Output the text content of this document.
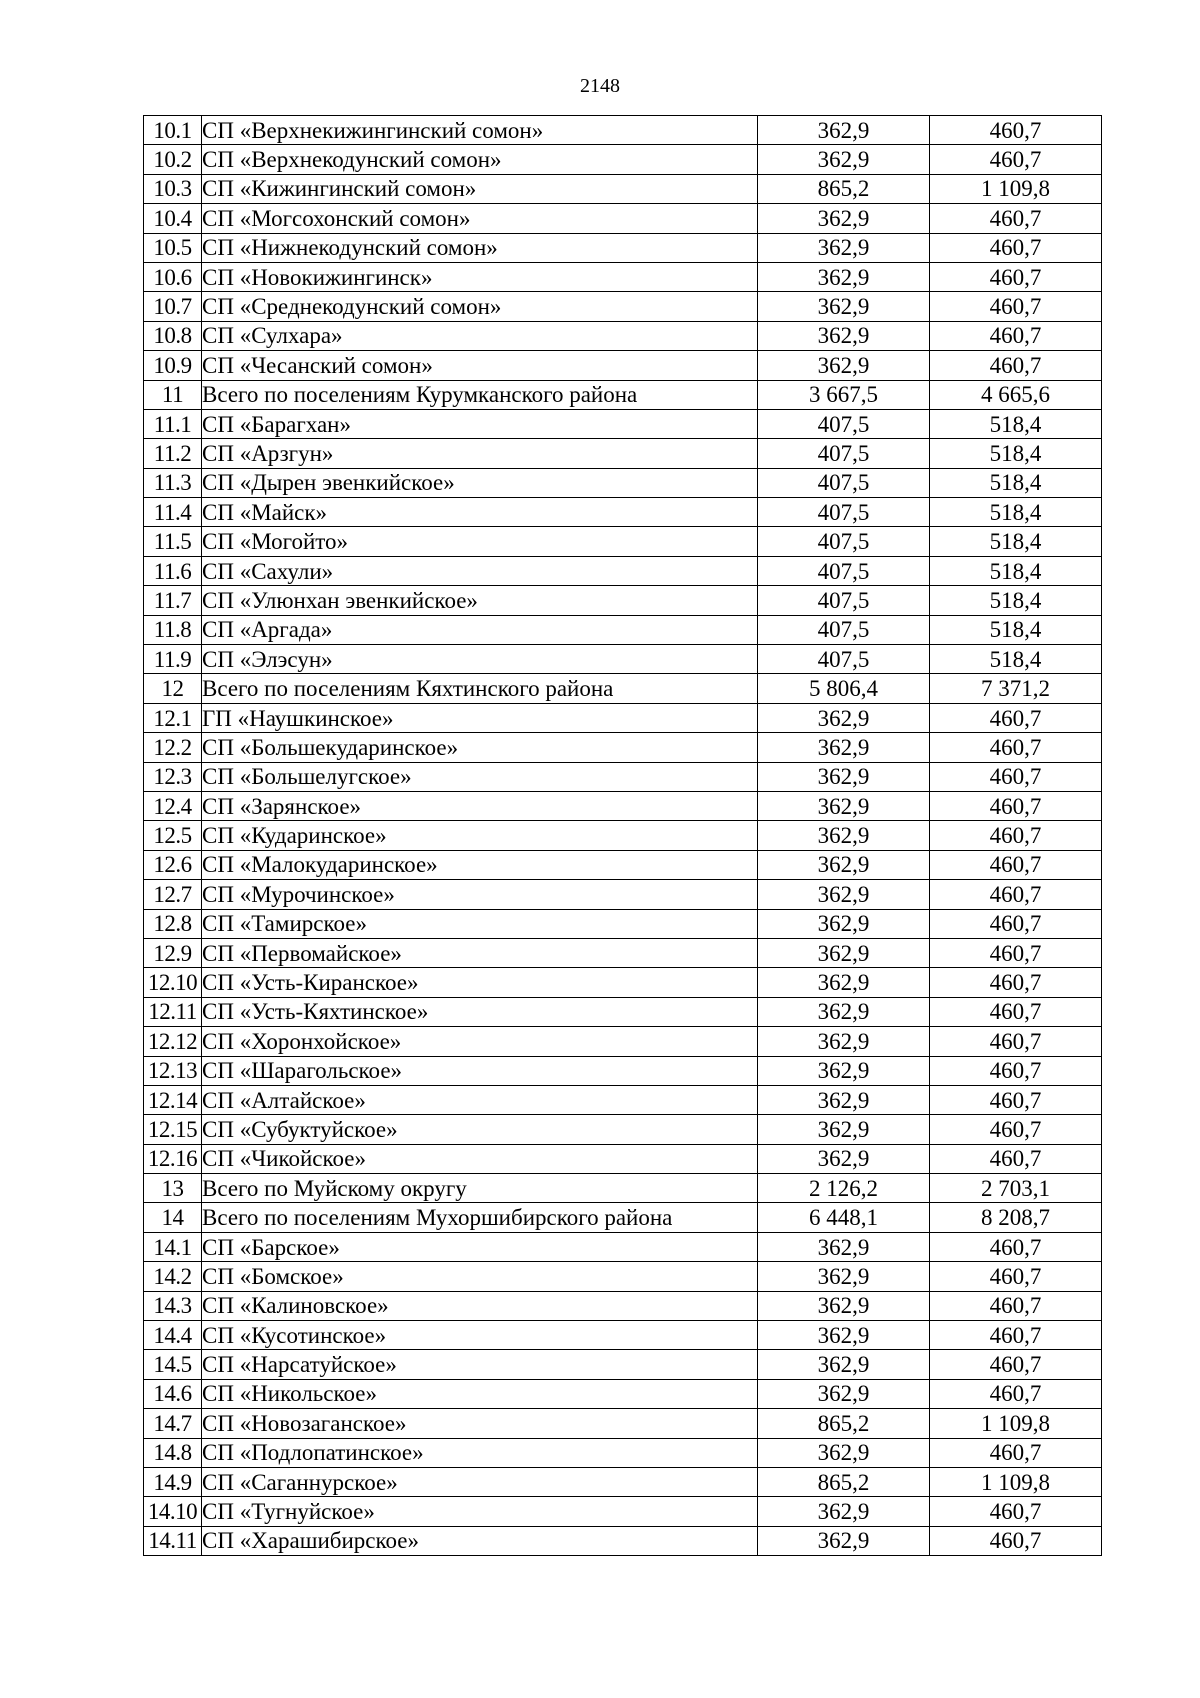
2148
10.1	СП «Верхнекижингинский сомон»	362,9	460,7
10.2	СП «Верхнекодунский сомон»	362,9	460,7
10.3	СП «Кижингинский сомон»	865,2	1 109,8
10.4	СП «Могсохонский сомон»	362,9	460,7
10.5	СП «Нижнекодунский сомон»	362,9	460,7
10.6	СП «Новокижингинск»	362,9	460,7
10.7	СП «Среднекодунский сомон»	362,9	460,7
10.8	СП «Сулхара»	362,9	460,7
10.9	СП «Чесанский сомон»	362,9	460,7
11	Всего по поселениям Курумканского района	3 667,5	4 665,6
11.1	СП «Барагхан»	407,5	518,4
11.2	СП «Арзгун»	407,5	518,4
11.3	СП «Дырен эвенкийское»	407,5	518,4
11.4	СП «Майск»	407,5	518,4
11.5	СП «Могойто»	407,5	518,4
11.6	СП «Сахули»	407,5	518,4
11.7	СП «Улюнхан эвенкийское»	407,5	518,4
11.8	СП «Аргада»	407,5	518,4
11.9	СП «Элэсун»	407,5	518,4
12	Всего по поселениям Кяхтинского района	5 806,4	7 371,2
12.1	ГП «Наушкинское»	362,9	460,7
12.2	СП «Большекударинское»	362,9	460,7
12.3	СП «Большелугское»	362,9	460,7
12.4	СП «Зарянское»	362,9	460,7
12.5	СП «Кударинское»	362,9	460,7
12.6	СП «Малокударинское»	362,9	460,7
12.7	СП «Мурочинское»	362,9	460,7
12.8	СП «Тамирское»	362,9	460,7
12.9	СП «Первомайское»	362,9	460,7
12.10	СП «Усть-Киранское»	362,9	460,7
12.11	СП «Усть-Кяхтинское»	362,9	460,7
12.12	СП «Хоронхойское»	362,9	460,7
12.13	СП «Шарагольское»	362,9	460,7
12.14	СП «Алтайское»	362,9	460,7
12.15	СП «Субуктуйское»	362,9	460,7
12.16	СП «Чикойское»	362,9	460,7
13	Всего по Муйскому округу	2 126,2	2 703,1
14	Всего по поселениям Мухоршибирского района	6 448,1	8 208,7
14.1	СП «Барское»	362,9	460,7
14.2	СП «Бомское»	362,9	460,7
14.3	СП «Калиновское»	362,9	460,7
14.4	СП «Кусотинское»	362,9	460,7
14.5	СП «Нарсатуйское»	362,9	460,7
14.6	СП «Никольское»	362,9	460,7
14.7	СП «Новозаганское»	865,2	1 109,8
14.8	СП «Подлопатинское»	362,9	460,7
14.9	СП «Саганнурское»	865,2	1 109,8
14.10	СП «Тугнуйское»	362,9	460,7
14.11	СП «Харашибирское»	362,9	460,7
